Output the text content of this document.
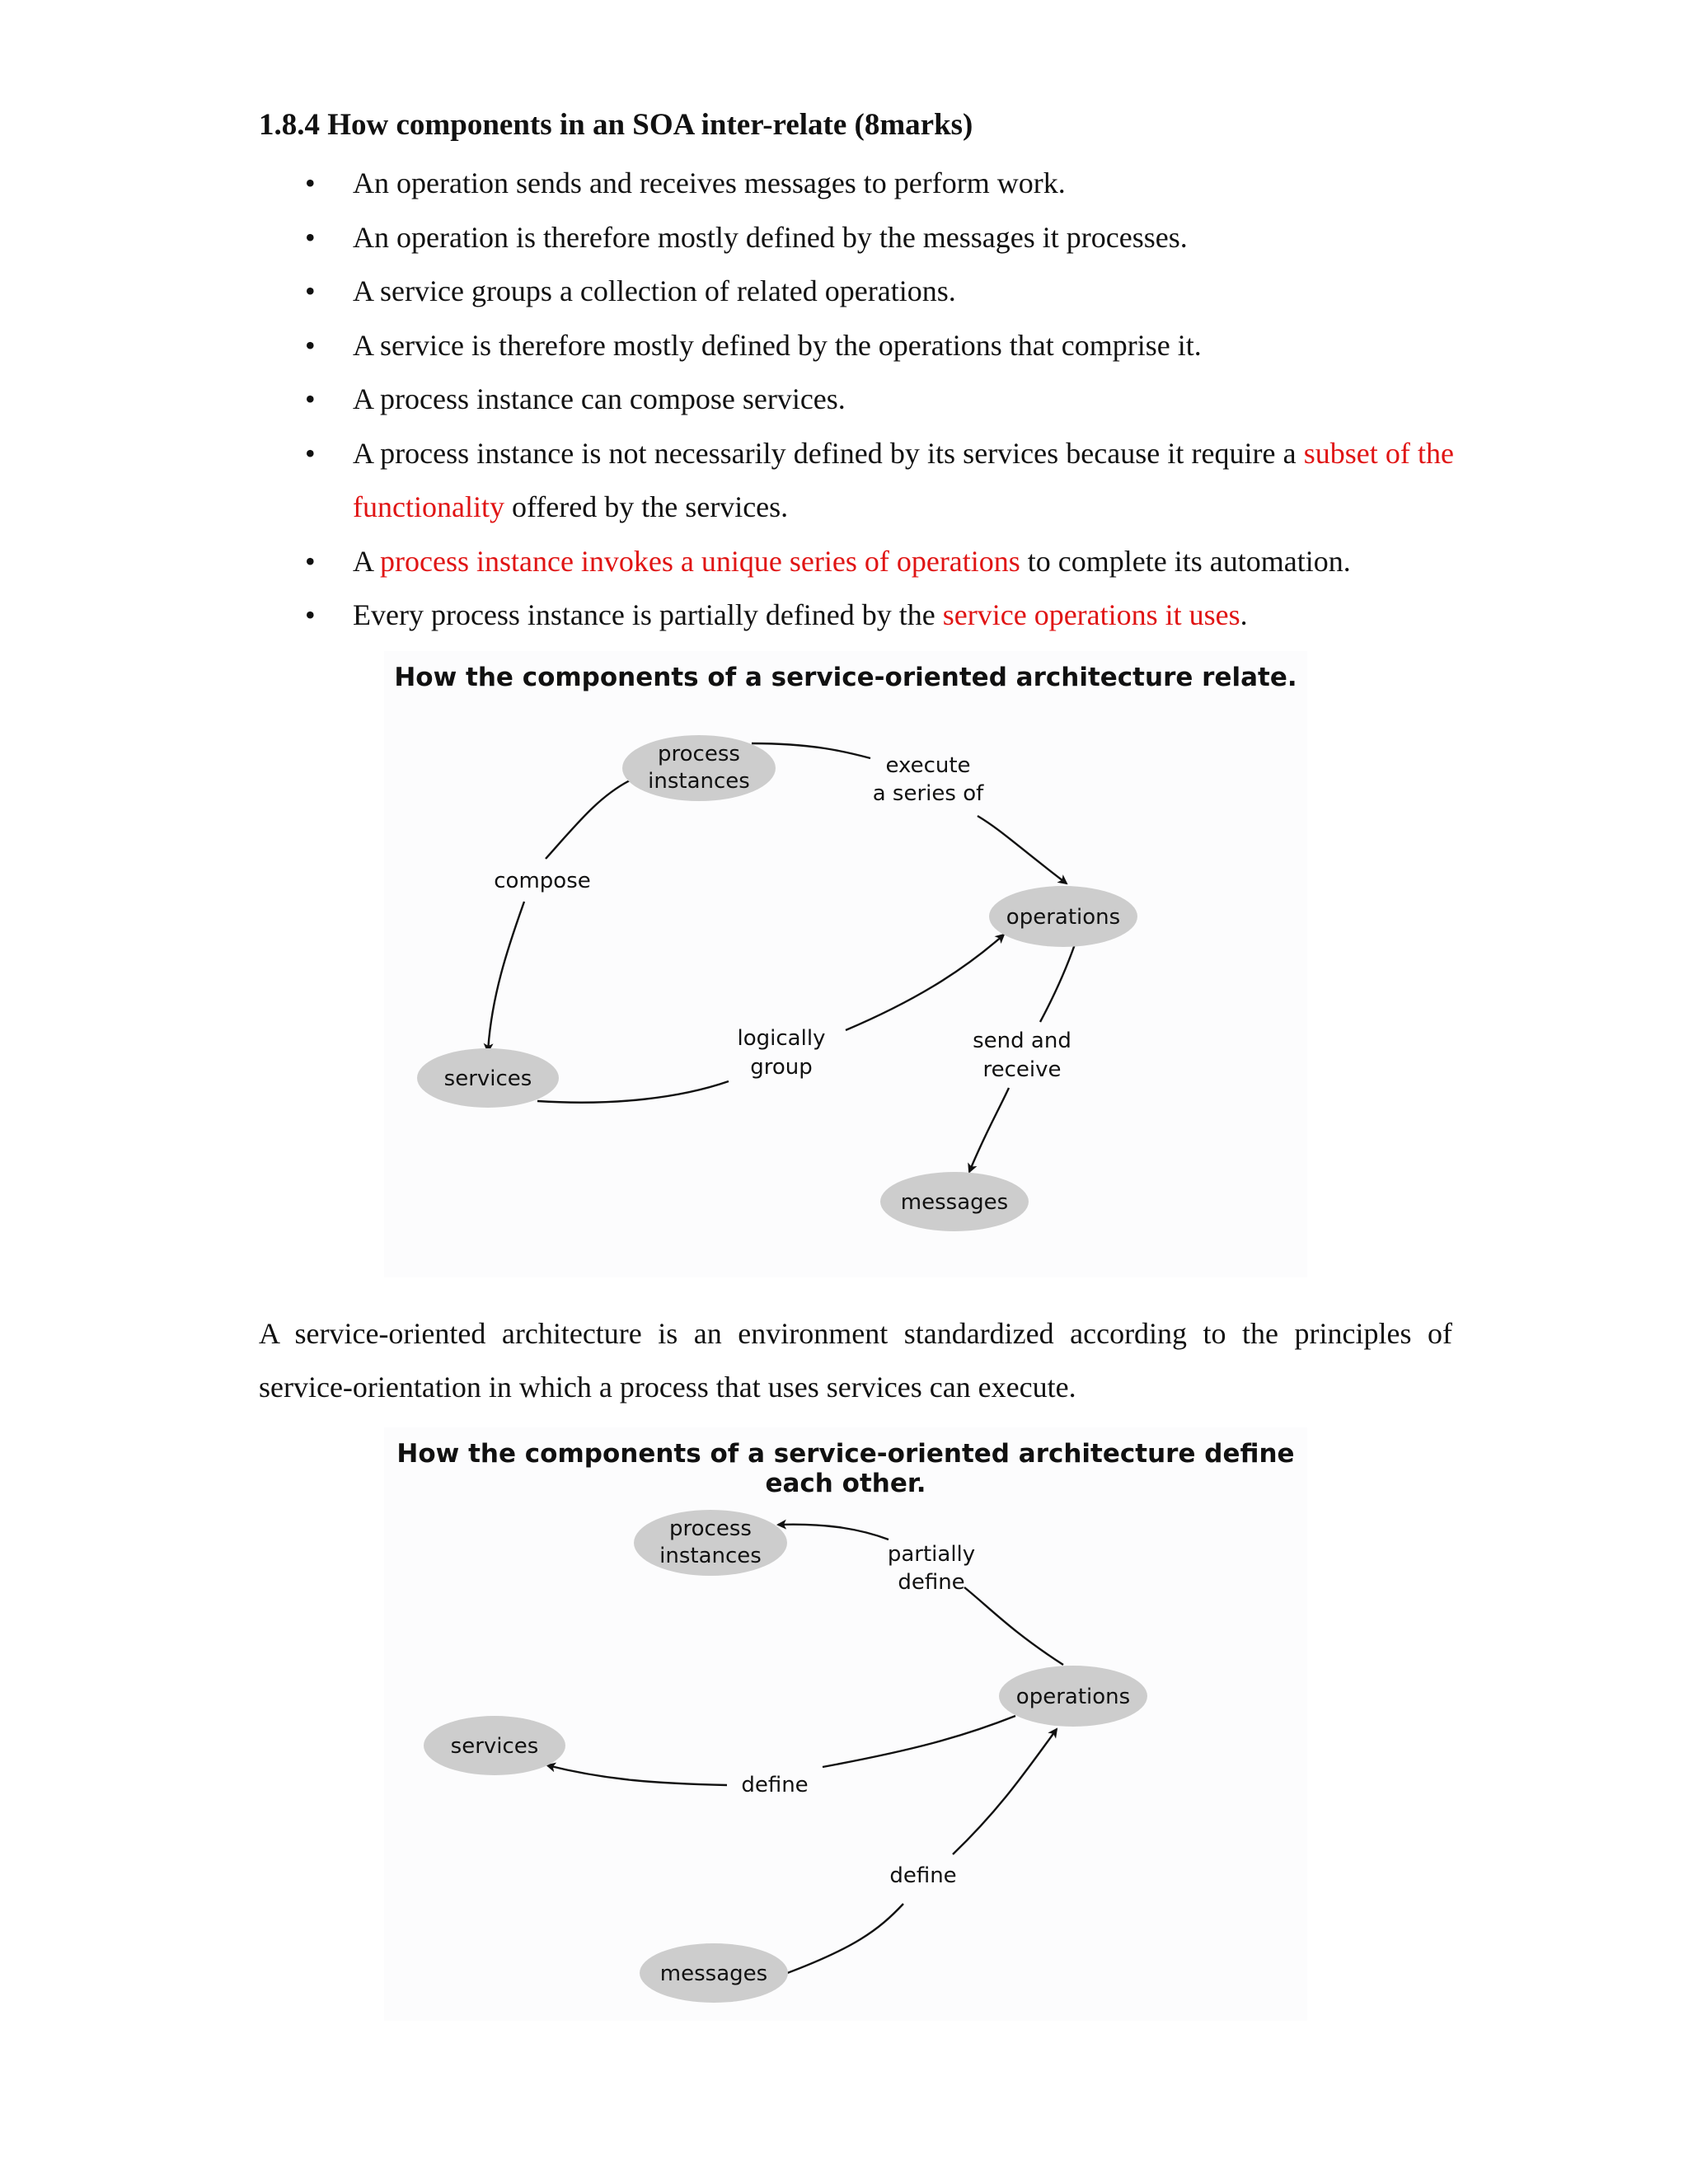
1.8.4 How components in an SOA inter-relate (8marks)
• An operation sends and receives messages to perform work.
• An operation is therefore mostly defined by the messages it processes.
• A service groups a collection of related operations.
• A service is therefore mostly defined by the operations that comprise it.
• A process instance can compose services.
• A process instance is not necessarily defined by its services because it require a subset of the functionality offered by the services.
• A process instance invokes a unique series of operations to complete its automation.
• Every process instance is partially defined by the service operations it uses.
How the components of a service-oriented architecture relate.
process
instances
operations
services
messages
execute
a series of
compose
logically
group
send and
receive

A service-oriented architecture is an environment standardized according to the principles of service-orientation in which a process that uses services can execute.

How the components of a service-oriented architecture define each other.
process
instances
operations
services
messages
partially
define
define
define
